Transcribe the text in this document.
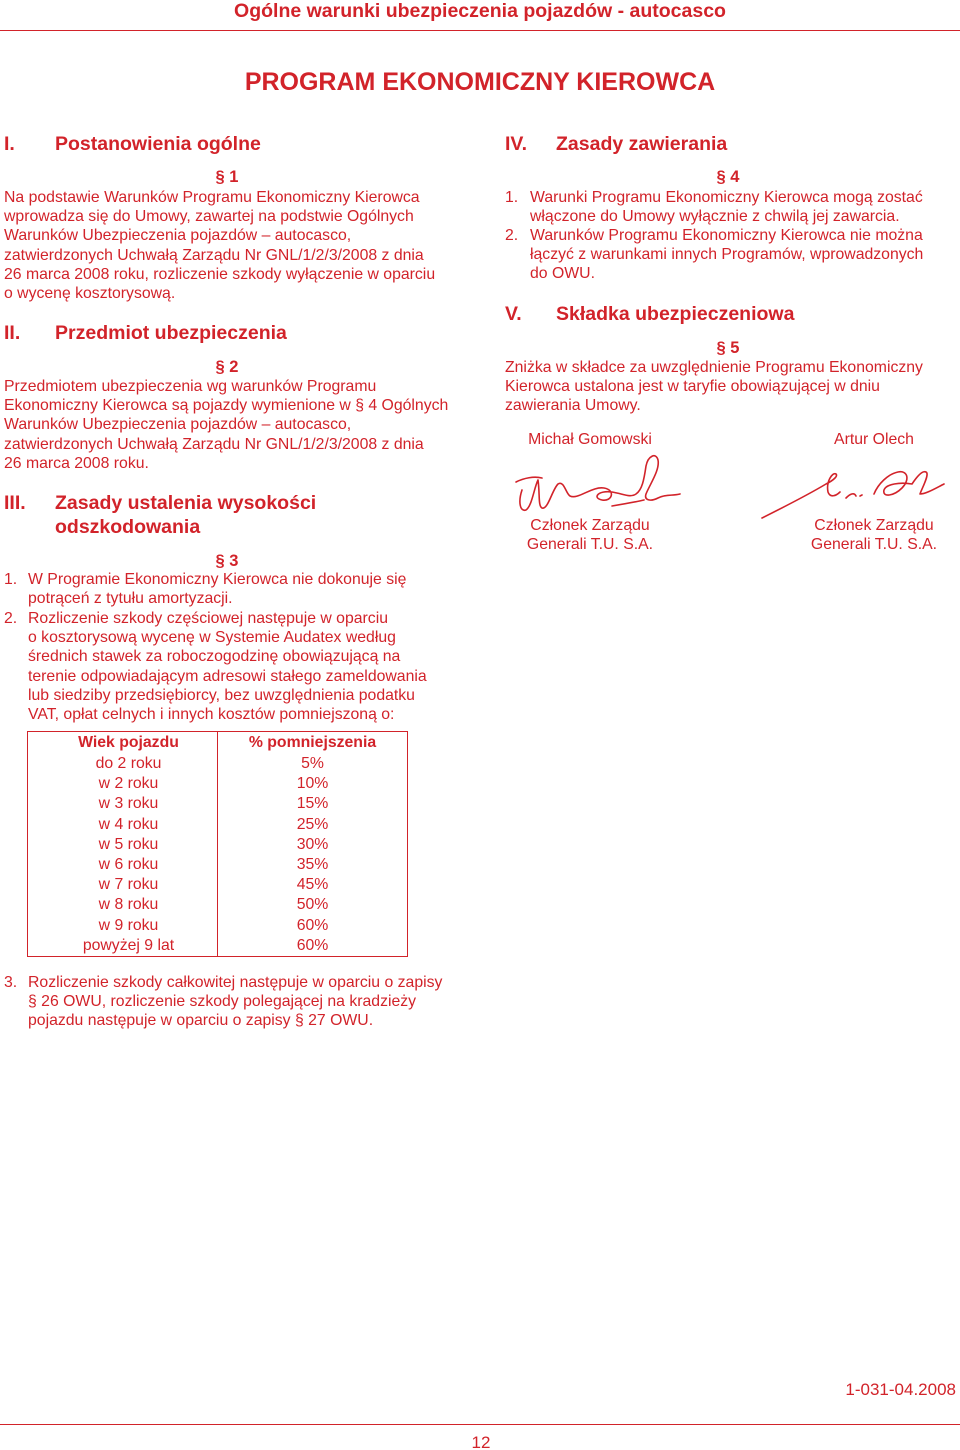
Ogólne warunki ubezpieczenia pojazdów - autocasco
PROGRAM EKONOMICZNY KIEROWCA
I. Postanowienia ogólne
§ 1
Na podstawie Warunków Programu Ekonomiczny Kierowca
wprowadza się do Umowy, zawartej na podstwie Ogólnych
Warunków Ubezpieczenia pojazdów – autocasco,
zatwierdzonych Uchwałą Zarządu Nr GNL/1/2/3/2008 z dnia
26 marca 2008 roku, rozliczenie szkody wyłączenie w oparciu
o wycenę kosztorysową.
II. Przedmiot ubezpieczenia
§ 2
Przedmiotem ubezpieczenia wg warunków Programu
Ekonomiczny Kierowca są pojazdy wymienione w § 4 Ogólnych
Warunków Ubezpieczenia pojazdów – autocasco,
zatwierdzonych Uchwałą Zarządu Nr GNL/1/2/3/2008 z dnia
26 marca 2008 roku.
III. Zasady ustalenia wysokości
odszkodowania
§ 3
1. W Programie Ekonomiczny Kierowca nie dokonuje się
potrąceń z tytułu amortyzacji.
2. Rozliczenie szkody częściowej następuje w oparciu
o kosztorysową wycenę w Systemie Audatex według
średnich stawek za roboczogodzinę obowiązującą na
terenie odpowiadającym adresowi stałego zameldowania
lub siedziby przedsiębiorcy, bez uwzględnienia podatku
VAT, opłat celnych i innych kosztów pomniejszoną o:
Wiek pojazdu	% pomniejszenia
do 2 roku	5%
w 2 roku	10%
w 3 roku	15%
w 4 roku	25%
w 5 roku	30%
w 6 roku	35%
w 7 roku	45%
w 8 roku	50%
w 9 roku	60%
powyżej 9 lat	60%
3. Rozliczenie szkody całkowitej następuje w oparciu o zapisy
§ 26 OWU, rozliczenie szkody polegającej na kradzieży
pojazdu następuje w oparciu o zapisy § 27 OWU.
IV. Zasady zawierania
§ 4
1. Warunki Programu Ekonomiczny Kierowca mogą zostać
włączone do Umowy wyłącznie z chwilą jej zawarcia.
2. Warunków Programu Ekonomiczny Kierowca nie można
łączyć z warunkami innych Programów, wprowadzonych
do OWU.
V. Składka ubezpieczeniowa
§ 5
Zniżka w składce za uwzględnienie Programu Ekonomiczny
Kierowca ustalona jest w taryfie obowiązującej w dniu
zawierania Umowy.
Michał Gomowski	Artur Olech
Członek Zarządu
Generali T.U. S.A.
Członek Zarządu
Generali T.U. S.A.
1-031-04.2008
12
